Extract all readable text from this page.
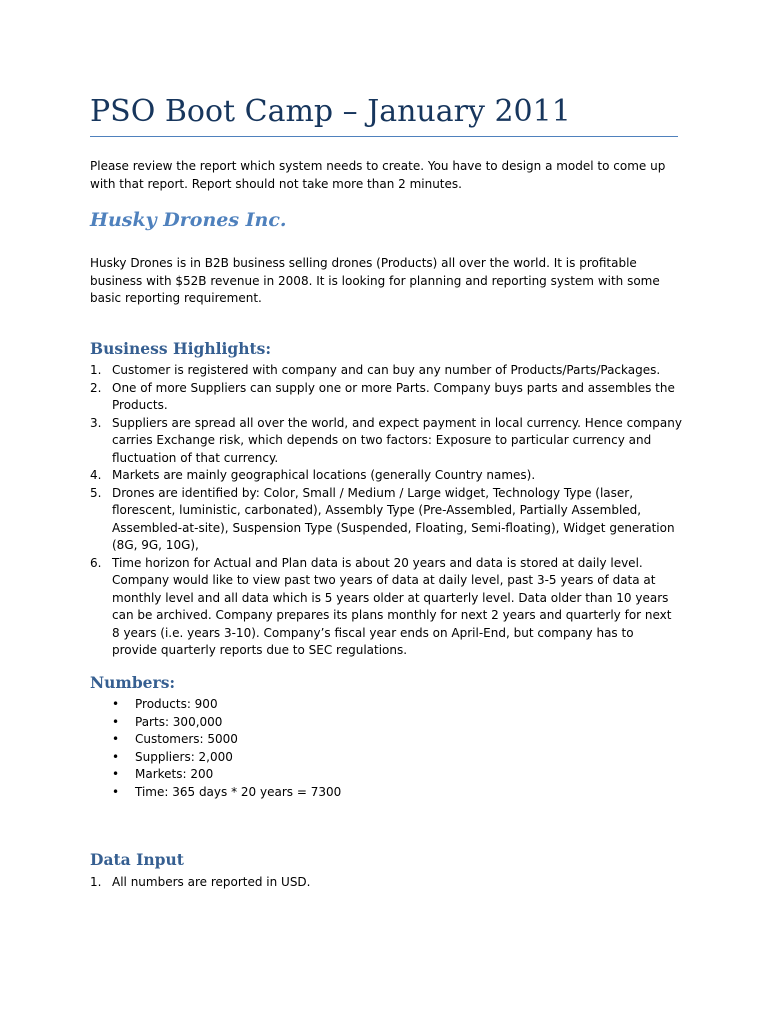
PSO Boot Camp – January 2011
Please review the report which system needs to create. You have to design a model to come up with that report. Report should not take more than 2 minutes.
Husky Drones Inc.
Husky Drones is in B2B business selling drones (Products) all over the world. It is profitable business with $52B revenue in 2008. It is looking for planning and reporting system with some basic reporting requirement.
Business Highlights:
1. Customer is registered with company and can buy any number of Products/Parts/Packages.
2. One of more Suppliers can supply one or more Parts. Company buys parts and assembles the Products.
3. Suppliers are spread all over the world, and expect payment in local currency. Hence company carries Exchange risk, which depends on two factors: Exposure to particular currency and fluctuation of that currency.
4. Markets are mainly geographical locations (generally Country names).
5. Drones are identified by: Color, Small / Medium / Large widget, Technology Type (laser, florescent, luministic, carbonated), Assembly Type (Pre-Assembled, Partially Assembled, Assembled-at-site), Suspension Type (Suspended, Floating, Semi-floating), Widget generation (8G, 9G, 10G),
6. Time horizon for Actual and Plan data is about 20 years and data is stored at daily level. Company would like to view past two years of data at daily level, past 3-5 years of data at monthly level and all data which is 5 years older at quarterly level. Data older than 10 years can be archived. Company prepares its plans monthly for next 2 years and quarterly for next 8 years (i.e. years 3-10). Company’s fiscal year ends on April-End, but company has to provide quarterly reports due to SEC regulations.
Numbers:
• Products: 900
• Parts: 300,000
• Customers: 5000
• Suppliers: 2,000
• Markets: 200
• Time: 365 days * 20 years = 7300
Data Input
1. All numbers are reported in USD.
